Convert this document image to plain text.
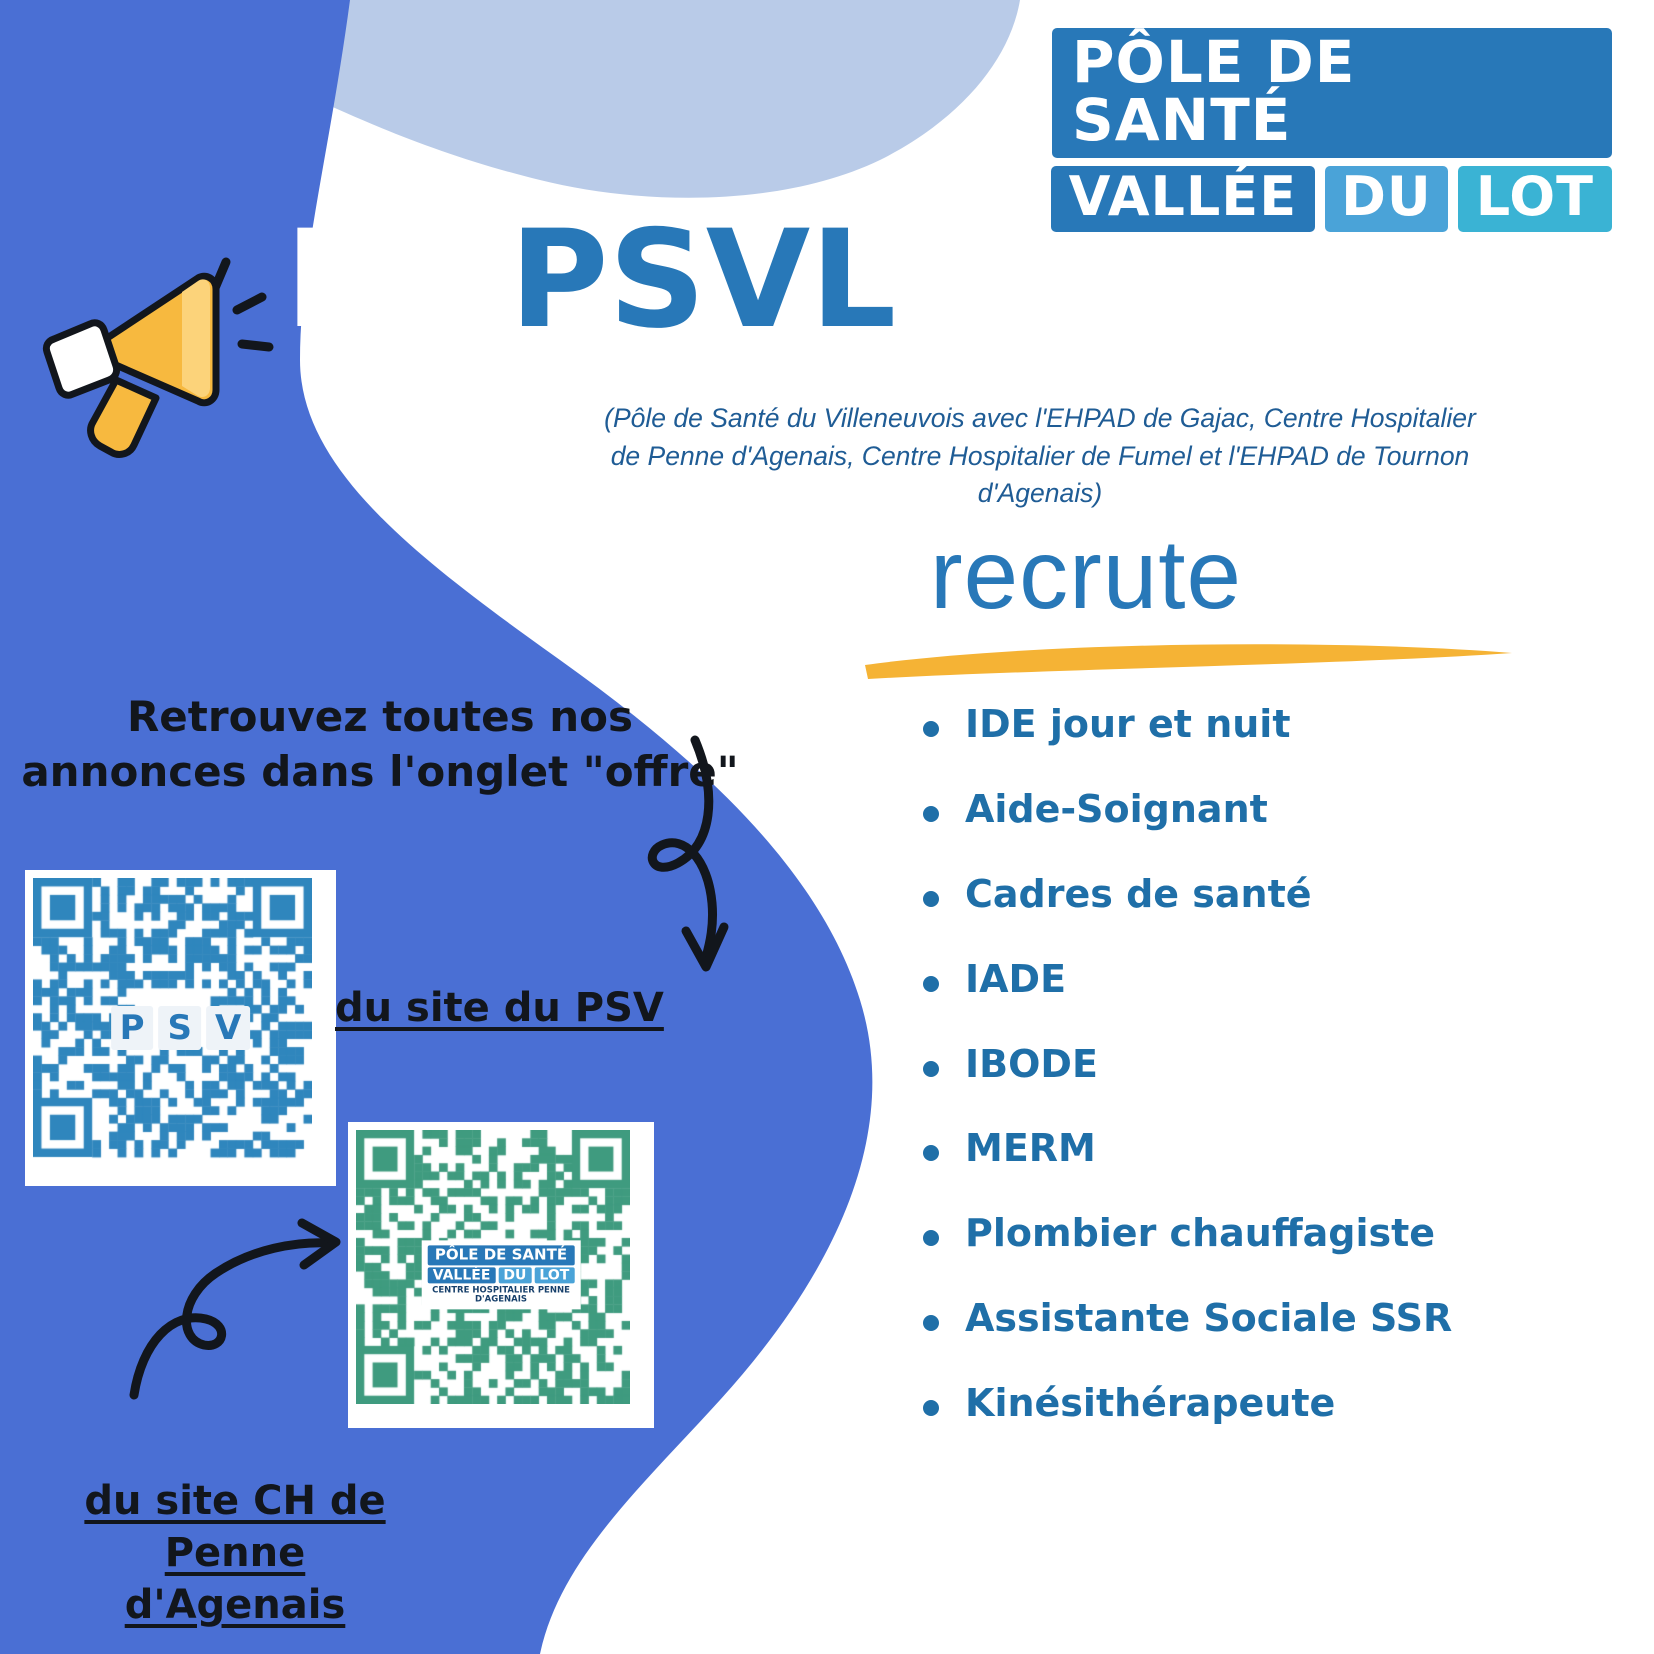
PÔLE DE SANTÉ
VALLÉE DU LOT
Le PSVL
(Pôle de Santé du Villeneuvois avec l'EHPAD de Gajac, Centre Hospitalier de Penne d'Agenais, Centre Hospitalier de Fumel et l'EHPAD de Tournon d'Agenais)
recrute
IDE jour et nuit
Aide-Soignant
Cadres de santé
IADE
IBODE
MERM
Plombier chauffagiste
Assistante Sociale SSR
Kinésithérapeute
Retrouvez toutes nos annonces dans l'onglet "offre"
P S V
PÔLE DE SANTÉ
VALLÉE DU LOT
CENTRE HOSPITALIER PENNE D'AGENAIS
du site du PSV
du site CH de Penne d'Agenais
